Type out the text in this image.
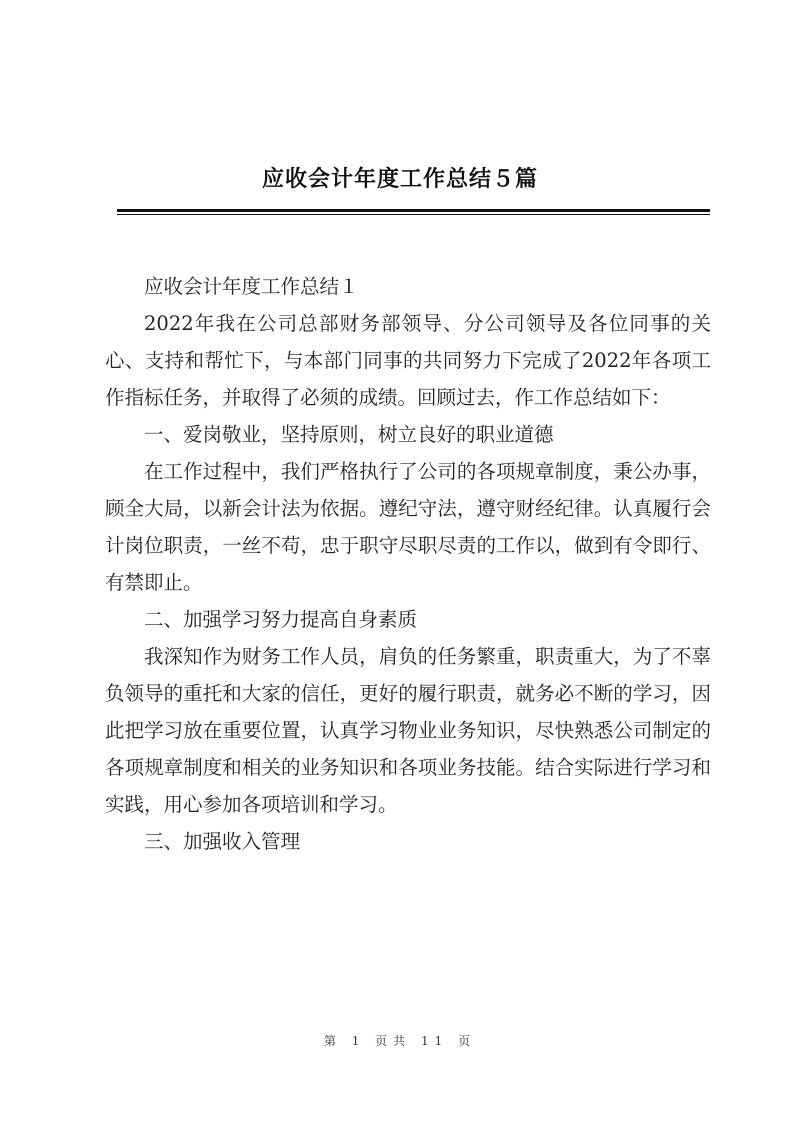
应收会计年度工作总结５篇

应收会计年度工作总结１

2022年我在公司总部财务部领导、分公司领导及各位同事的关心、支持和帮忙下，与本部门同事的共同努力下完成了2022年各项工作指标任务，并取得了必须的成绩。回顾过去，作工作总结如下：

一、爱岗敬业，坚持原则，树立良好的职业道德

在工作过程中，我们严格执行了公司的各项规章制度，秉公办事，顾全大局，以新会计法为依据。遵纪守法，遵守财经纪律。认真履行会计岗位职责，一丝不苟，忠于职守尽职尽责的工作以，做到有令即行、有禁即止。

二、加强学习努力提高自身素质

我深知作为财务工作人员，肩负的任务繁重，职责重大，为了不辜负领导的重托和大家的信任，更好的履行职责，就务必不断的学习，因此把学习放在重要位置，认真学习物业业务知识，尽快熟悉公司制定的各项规章制度和相关的业务知识和各项业务技能。结合实际进行学习和实践，用心参加各项培训和学习。

三、加强收入管理

第 1 页共 11 页
